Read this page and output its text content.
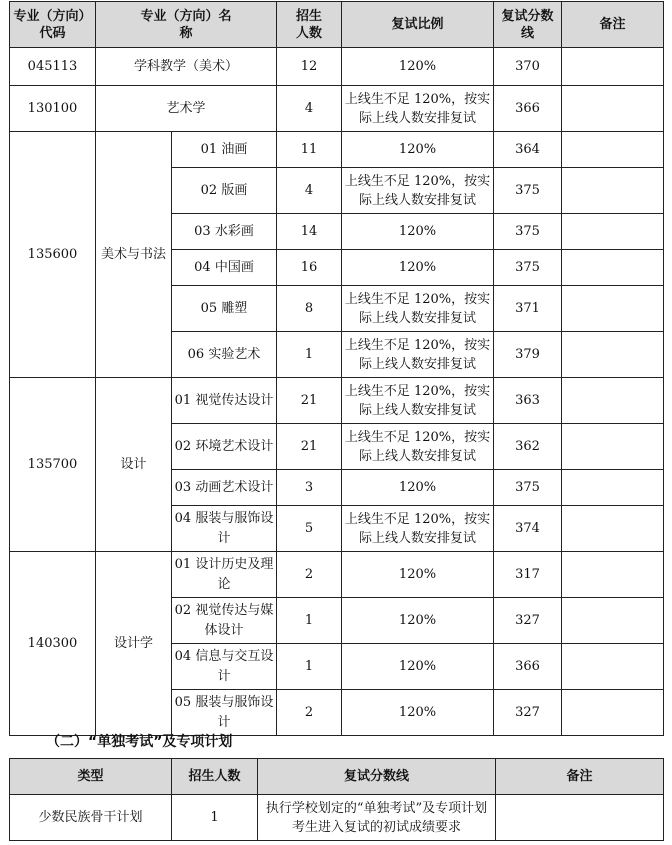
专业（方向）代码	专业（方向）名称		招生人数	复试比例	复试分数线	备注
045113	学科教学（美术）		12	120%	370	
130100	艺术学		4	上线生不足 120%，按实际上线人数安排复试	366	
135600	美术与书法	01 油画	11	120%	364	
		02 版画	4	上线生不足 120%，按实际上线人数安排复试	375	
		03 水彩画	14	120%	375	
		04 中国画	16	120%	375	
		05 雕塑	8	上线生不足 120%，按实际上线人数安排复试	371	
		06 实验艺术	1	上线生不足 120%，按实际上线人数安排复试	379	
135700	设计	01 视觉传达设计	21	上线生不足 120%，按实际上线人数安排复试	363	
		02 环境艺术设计	21	上线生不足 120%，按实际上线人数安排复试	362	
		03 动画艺术设计	3	120%	375	
		04 服装与服饰设计	5	上线生不足 120%，按实际上线人数安排复试	374	
140300	设计学	01 设计历史及理论	2	120%	317	
		02 视觉传达与媒体设计	1	120%	327	
		04 信息与交互设计	1	120%	366	
		05 服装与服饰设计	2	120%	327	
（二）“单独考试”及专项计划
类型	招生人数	复试分数线	备注
少数民族骨干计划	1	执行学校划定的“单独考试”及专项计划考生进入复试的初试成绩要求	
